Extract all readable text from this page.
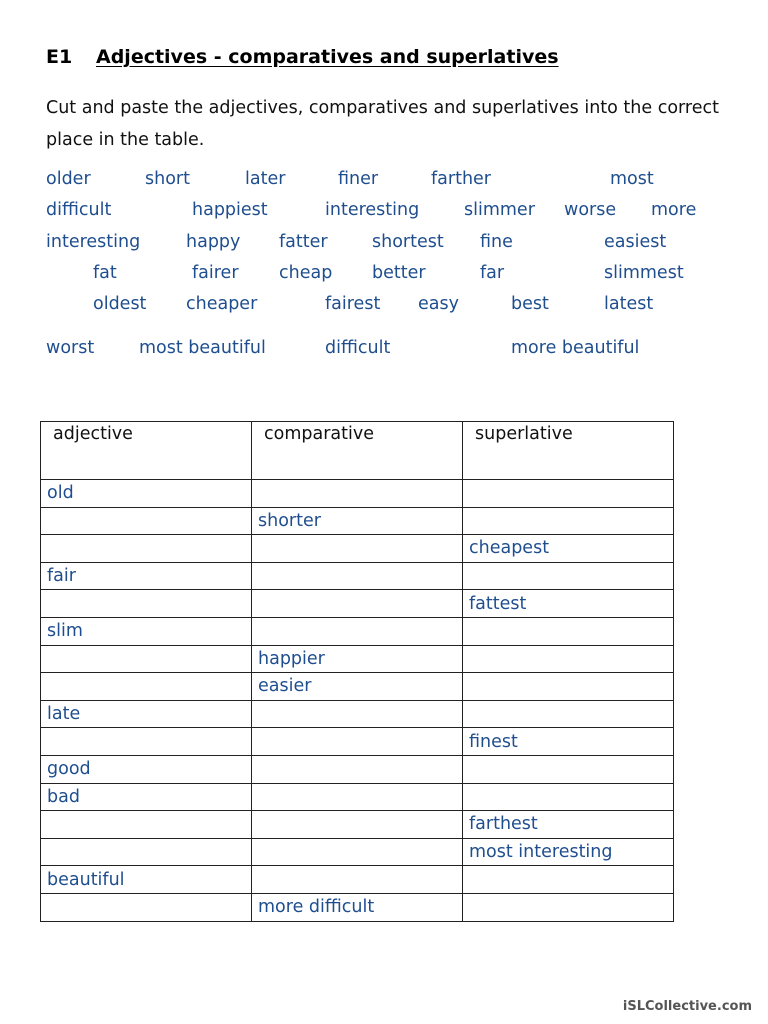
E1 Adjectives - comparatives and superlatives
Cut and paste the adjectives, comparatives and superlatives into the correct place in the table.
older	short	later	finer	farther	most
difficult	happiest	interesting	slimmer worse more
interesting	happy fatter	shortest fine	easiest
fat	fairer cheap better	far	slimmest
oldest cheaper	fairest easy	best	latest
worst	most beautiful	difficult	more beautiful
adjective	comparative	superlative
old		
	shorter	
		cheapest
fair		
		fattest
slim		
	happier	
	easier	
late		
		finest
good		
bad		
		farthest
		most interesting
beautiful		
	more difficult	
iSLCollective.com
